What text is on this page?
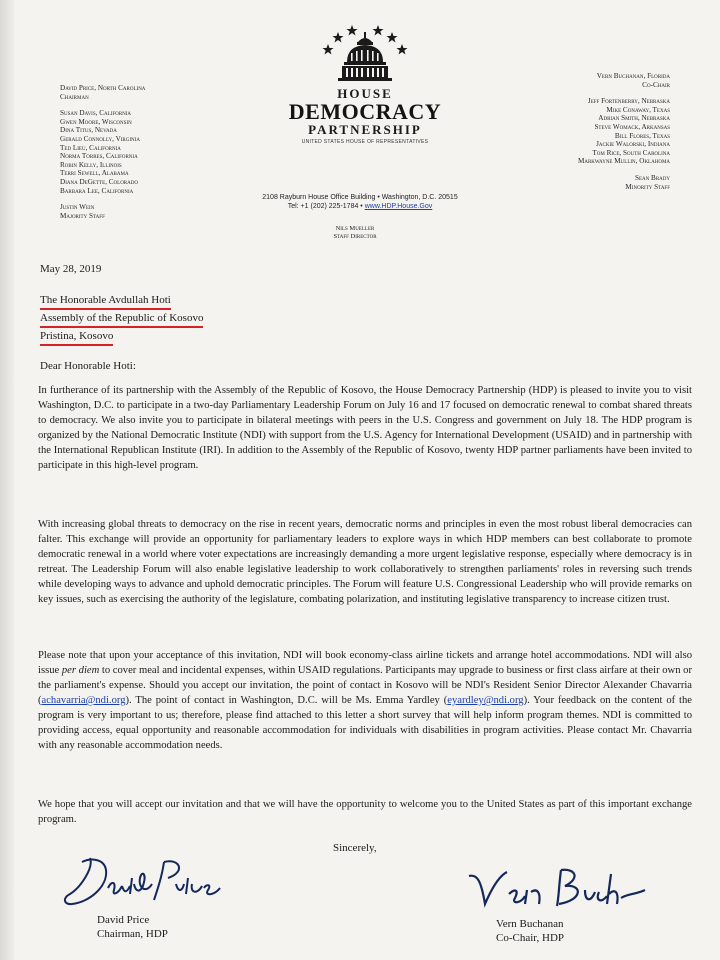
David Price, North Carolina
Chairman
Susan Davis, California
Gwen Moore, Wisconsin
Dina Titus, Nevada
Gerald Connolly, Virginia
Ted Lieu, California
Norma Torres, California
Robin Kelly, Illinois
Terri Sewell, Alabama
Diana DeGette, Colorado
Barbara Lee, California
Justin Wein
Majority Staff
HOUSE
DEMOCRACY
PARTNERSHIP
UNITED STATES HOUSE OF REPRESENTATIVES
Vern Buchanan, Florida
Co-Chair
Jeff Fortenberry, Nebraska
Mike Conaway, Texas
Adrian Smith, Nebraska
Steve Womack, Arkansas
Bill Flores, Texas
Jackie Walorski, Indiana
Tom Rice, South Carolina
Markwayne Mullin, Oklahoma
Sean Brady
Minority Staff
2108 Rayburn House Office Building • Washington, D.C. 20515
Tel: +1 (202) 225-1784 • www.HDP.House.Gov
Nils Mueller
Staff Director
May 28, 2019
The Honorable Avdullah Hoti
Assembly of the Republic of Kosovo
Pristina, Kosovo
Dear Honorable Hoti:
In furtherance of its partnership with the Assembly of the Republic of Kosovo, the House Democracy Partnership (HDP) is pleased to invite you to visit Washington, D.C. to participate in a two-day Parliamentary Leadership Forum on July 16 and 17 focused on democratic renewal to combat shared threats to democracy. We also invite you to participate in bilateral meetings with peers in the U.S. Congress and government on July 18. The HDP program is organized by the National Democratic Institute (NDI) with support from the U.S. Agency for International Development (USAID) and in partnership with the International Republican Institute (IRI). In addition to the Assembly of the Republic of Kosovo, twenty HDP partner parliaments have been invited to participate in this high-level program.
With increasing global threats to democracy on the rise in recent years, democratic norms and principles in even the most robust liberal democracies can falter. This exchange will provide an opportunity for parliamentary leaders to explore ways in which HDP members can best collaborate to promote democratic renewal in a world where voter expectations are increasingly demanding a more urgent legislative response, especially where democracy is in retreat. The Leadership Forum will also enable legislative leadership to work collaboratively to strengthen parliaments' roles in reversing such trends while developing ways to advance and uphold democratic principles. The Forum will feature U.S. Congressional Leadership who will provide remarks on key issues, such as exercising the authority of the legislature, combating polarization, and instituting legislative transparency to increase citizen trust.
Please note that upon your acceptance of this invitation, NDI will book economy-class airline tickets and arrange hotel accommodations. NDI will also issue per diem to cover meal and incidental expenses, within USAID regulations. Participants may upgrade to business or first class airfare at their own or the parliament's expense. Should you accept our invitation, the point of contact in Kosovo will be NDI's Resident Senior Director Alexander Chavarria (achavarria@ndi.org). The point of contact in Washington, D.C. will be Ms. Emma Yardley (eyardley@ndi.org). Your feedback on the content of the program is very important to us; therefore, please find attached to this letter a short survey that will help inform program themes. NDI is committed to providing access, equal opportunity and reasonable accommodation for individuals with disabilities in program activities. Please contact Mr. Chavarria with any reasonable accommodation needs.
We hope that you will accept our invitation and that we will have the opportunity to welcome you to the United States as part of this important exchange program.
Sincerely,
David Price
Chairman, HDP
Vern Buchanan
Co-Chair, HDP
